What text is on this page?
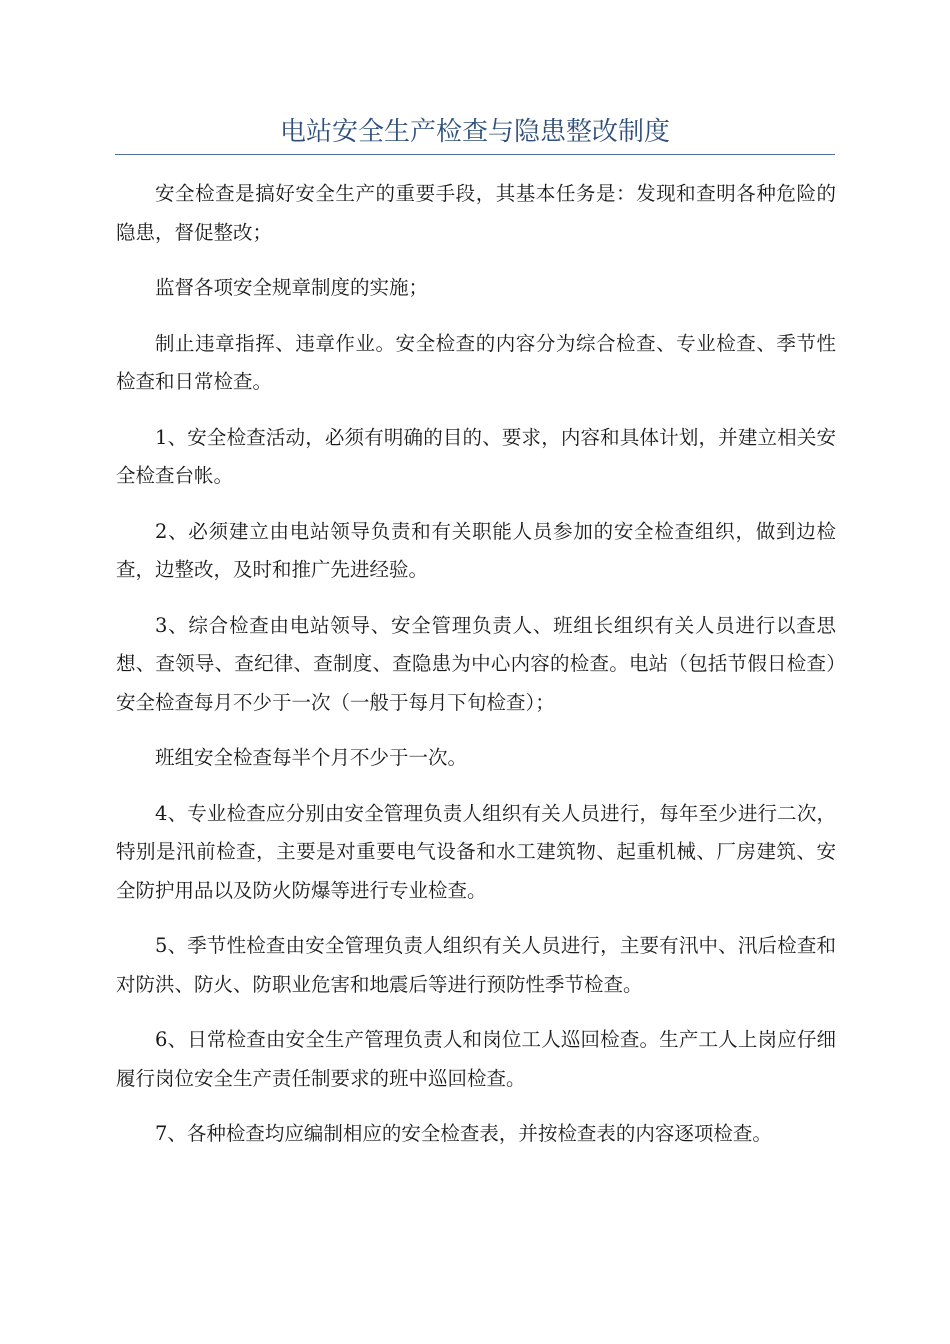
电站安全生产检查与隐患整改制度

安全检查是搞好安全生产的重要手段，其基本任务是：发现和查明各种危险的隐患，督促整改；

监督各项安全规章制度的实施；

制止违章指挥、违章作业。安全检查的内容分为综合检查、专业检查、季节性检查和日常检查。

1、安全检查活动，必须有明确的目的、要求，内容和具体计划，并建立相关安全检查台帐。

2、必须建立由电站领导负责和有关职能人员参加的安全检查组织，做到边检查，边整改，及时和推广先进经验。

3、综合检查由电站领导、安全管理负责人、班组长组织有关人员进行以查思想、查领导、查纪律、查制度、查隐患为中心内容的检查。电站（包括节假日检查）安全检查每月不少于一次（一般于每月下旬检查）；

班组安全检查每半个月不少于一次。

4、专业检查应分别由安全管理负责人组织有关人员进行，每年至少进行二次，特别是汛前检查，主要是对重要电气设备和水工建筑物、起重机械、厂房建筑、安全防护用品以及防火防爆等进行专业检查。

5、季节性检查由安全管理负责人组织有关人员进行，主要有汛中、汛后检查和对防洪、防火、防职业危害和地震后等进行预防性季节检查。

6、日常检查由安全生产管理负责人和岗位工人巡回检查。生产工人上岗应仔细履行岗位安全生产责任制要求的班中巡回检查。

7、各种检查均应编制相应的安全检查表，并按检查表的内容逐项检查。
